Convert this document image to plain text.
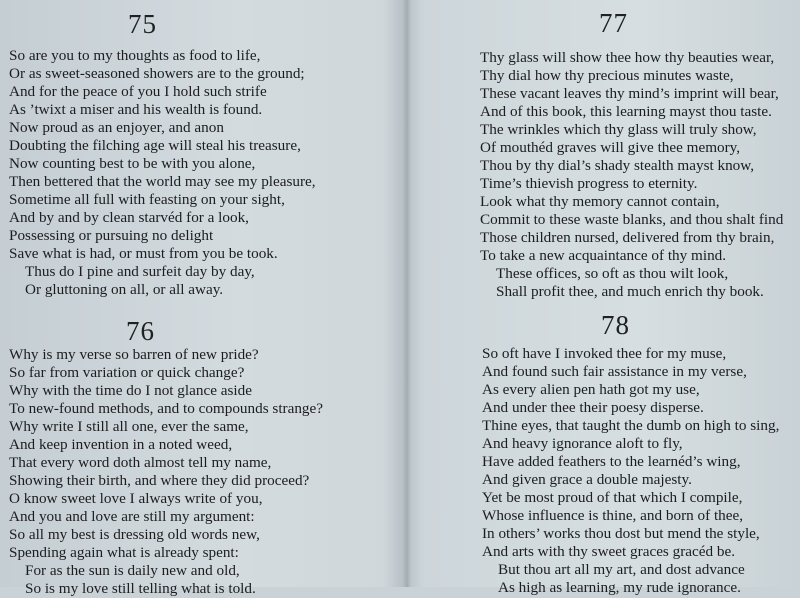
75
So are you to my thoughts as food to life,
Or as sweet-seasoned showers are to the ground;
And for the peace of you I hold such strife
As ’twixt a miser and his wealth is found.
Now proud as an enjoyer, and anon
Doubting the filching age will steal his treasure,
Now counting best to be with you alone,
Then bettered that the world may see my pleasure,
Sometime all full with feasting on your sight,
And by and by clean starvéd for a look,
Possessing or pursuing no delight
Save what is had, or must from you be took.
Thus do I pine and surfeit day by day,
Or gluttoning on all, or all away.
76
Why is my verse so barren of new pride?
So far from variation or quick change?
Why with the time do I not glance aside
To new-found methods, and to compounds strange?
Why write I still all one, ever the same,
And keep invention in a noted weed,
That every word doth almost tell my name,
Showing their birth, and where they did proceed?
O know sweet love I always write of you,
And you and love are still my argument:
So all my best is dressing old words new,
Spending again what is already spent:
For as the sun is daily new and old,
So is my love still telling what is told.
77
Thy glass will show thee how thy beauties wear,
Thy dial how thy precious minutes waste,
These vacant leaves thy mind’s imprint will bear,
And of this book, this learning mayst thou taste.
The wrinkles which thy glass will truly show,
Of mouthéd graves will give thee memory,
Thou by thy dial’s shady stealth mayst know,
Time’s thievish progress to eternity.
Look what thy memory cannot contain,
Commit to these waste blanks, and thou shalt find
Those children nursed, delivered from thy brain,
To take a new acquaintance of thy mind.
These offices, so oft as thou wilt look,
Shall profit thee, and much enrich thy book.
78
So oft have I invoked thee for my muse,
And found such fair assistance in my verse,
As every alien pen hath got my use,
And under thee their poesy disperse.
Thine eyes, that taught the dumb on high to sing,
And heavy ignorance aloft to fly,
Have added feathers to the learnéd’s wing,
And given grace a double majesty.
Yet be most proud of that which I compile,
Whose influence is thine, and born of thee,
In others’ works thou dost but mend the style,
And arts with thy sweet graces gracéd be.
But thou art all my art, and dost advance
As high as learning, my rude ignorance.
